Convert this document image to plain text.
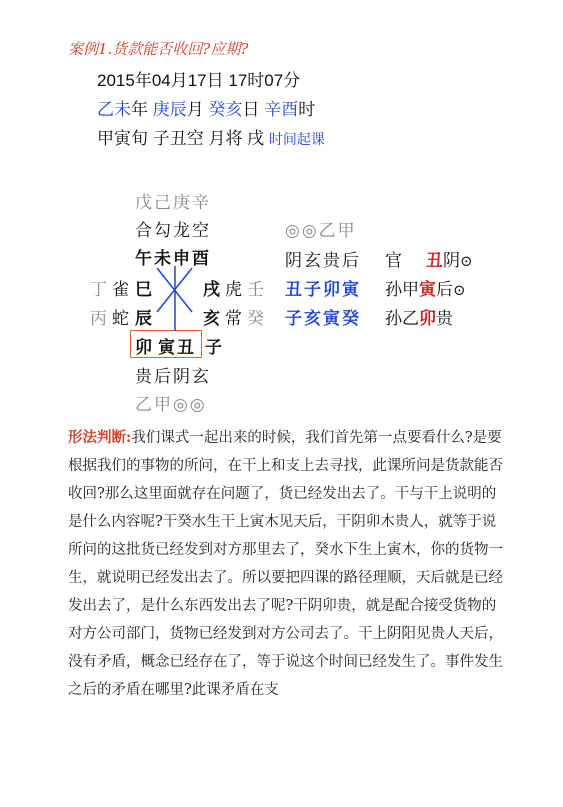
案例1.货款能否收回?应期?
2015年04月17日 17时07分
乙未年 庚辰月 癸亥日 辛酉时
甲寅旬 子丑空 月将 戌 时间起课
戊己庚辛
合勾龙空
午未申酉
丁 雀 巳
丙 蛇 辰
戌 虎 壬
亥 常 癸
卯 寅丑 子
贵后阴玄
乙甲◎◎
◎◎乙甲
阴玄贵后
丑子卯寅
子亥寅癸
官 丑阴⊙
孙甲寅后⊙
孙乙卯贵
形法判断:我们课式一起出来的时候，我们首先第一点要看什么?是要根据我们的事物的所问，在干上和支上去寻找，此课所问是货款能否收回?那么这里面就存在问题了，货已经发出去了。干与干上说明的是什么内容呢?干癸水生干上寅木见天后，干阴卯木贵人，就等于说所问的这批货已经发到对方那里去了，癸水下生上寅木，你的货物一生，就说明已经发出去了。所以要把四课的路径理顺，天后就是已经发出去了，是什么东西发出去了呢?干阴卯贵，就是配合接受货物的对方公司部门，货物已经发到对方公司去了。干上阴阳见贵人天后，没有矛盾，概念已经存在了，等于说这个时间已经发生了。事件发生之后的矛盾在哪里?此课矛盾在支
